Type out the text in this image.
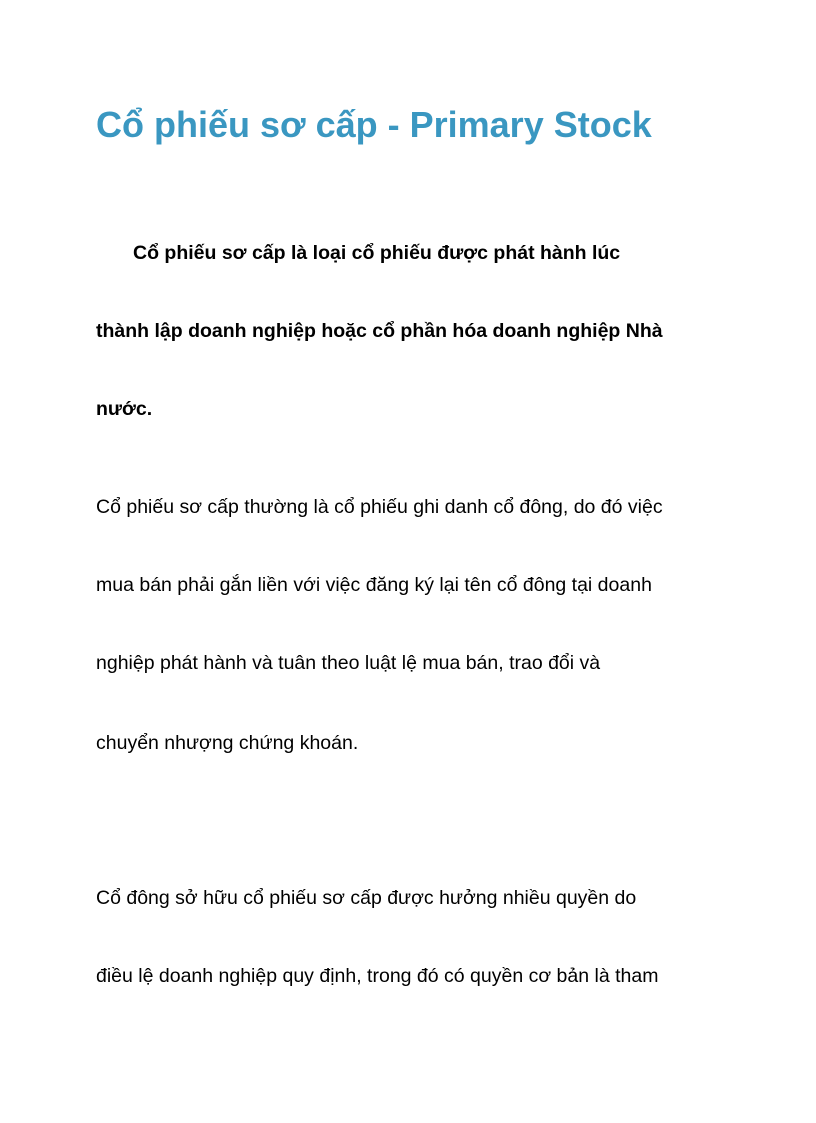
Cổ phiếu sơ cấp - Primary Stock

Cổ phiếu sơ cấp là loại cổ phiếu được phát hành lúc

thành lập doanh nghiệp hoặc cổ phần hóa doanh nghiệp Nhà

nước.

Cổ phiếu sơ cấp thường là cổ phiếu ghi danh cổ đông, do đó việc

mua bán phải gắn liền với việc đăng ký lại tên cổ đông tại doanh

nghiệp phát hành và tuân theo luật lệ mua bán, trao đổi và

chuyển nhượng chứng khoán.

Cổ đông sở hữu cổ phiếu sơ cấp được hưởng nhiều quyền do

điều lệ doanh nghiệp quy định, trong đó có quyền cơ bản là tham
